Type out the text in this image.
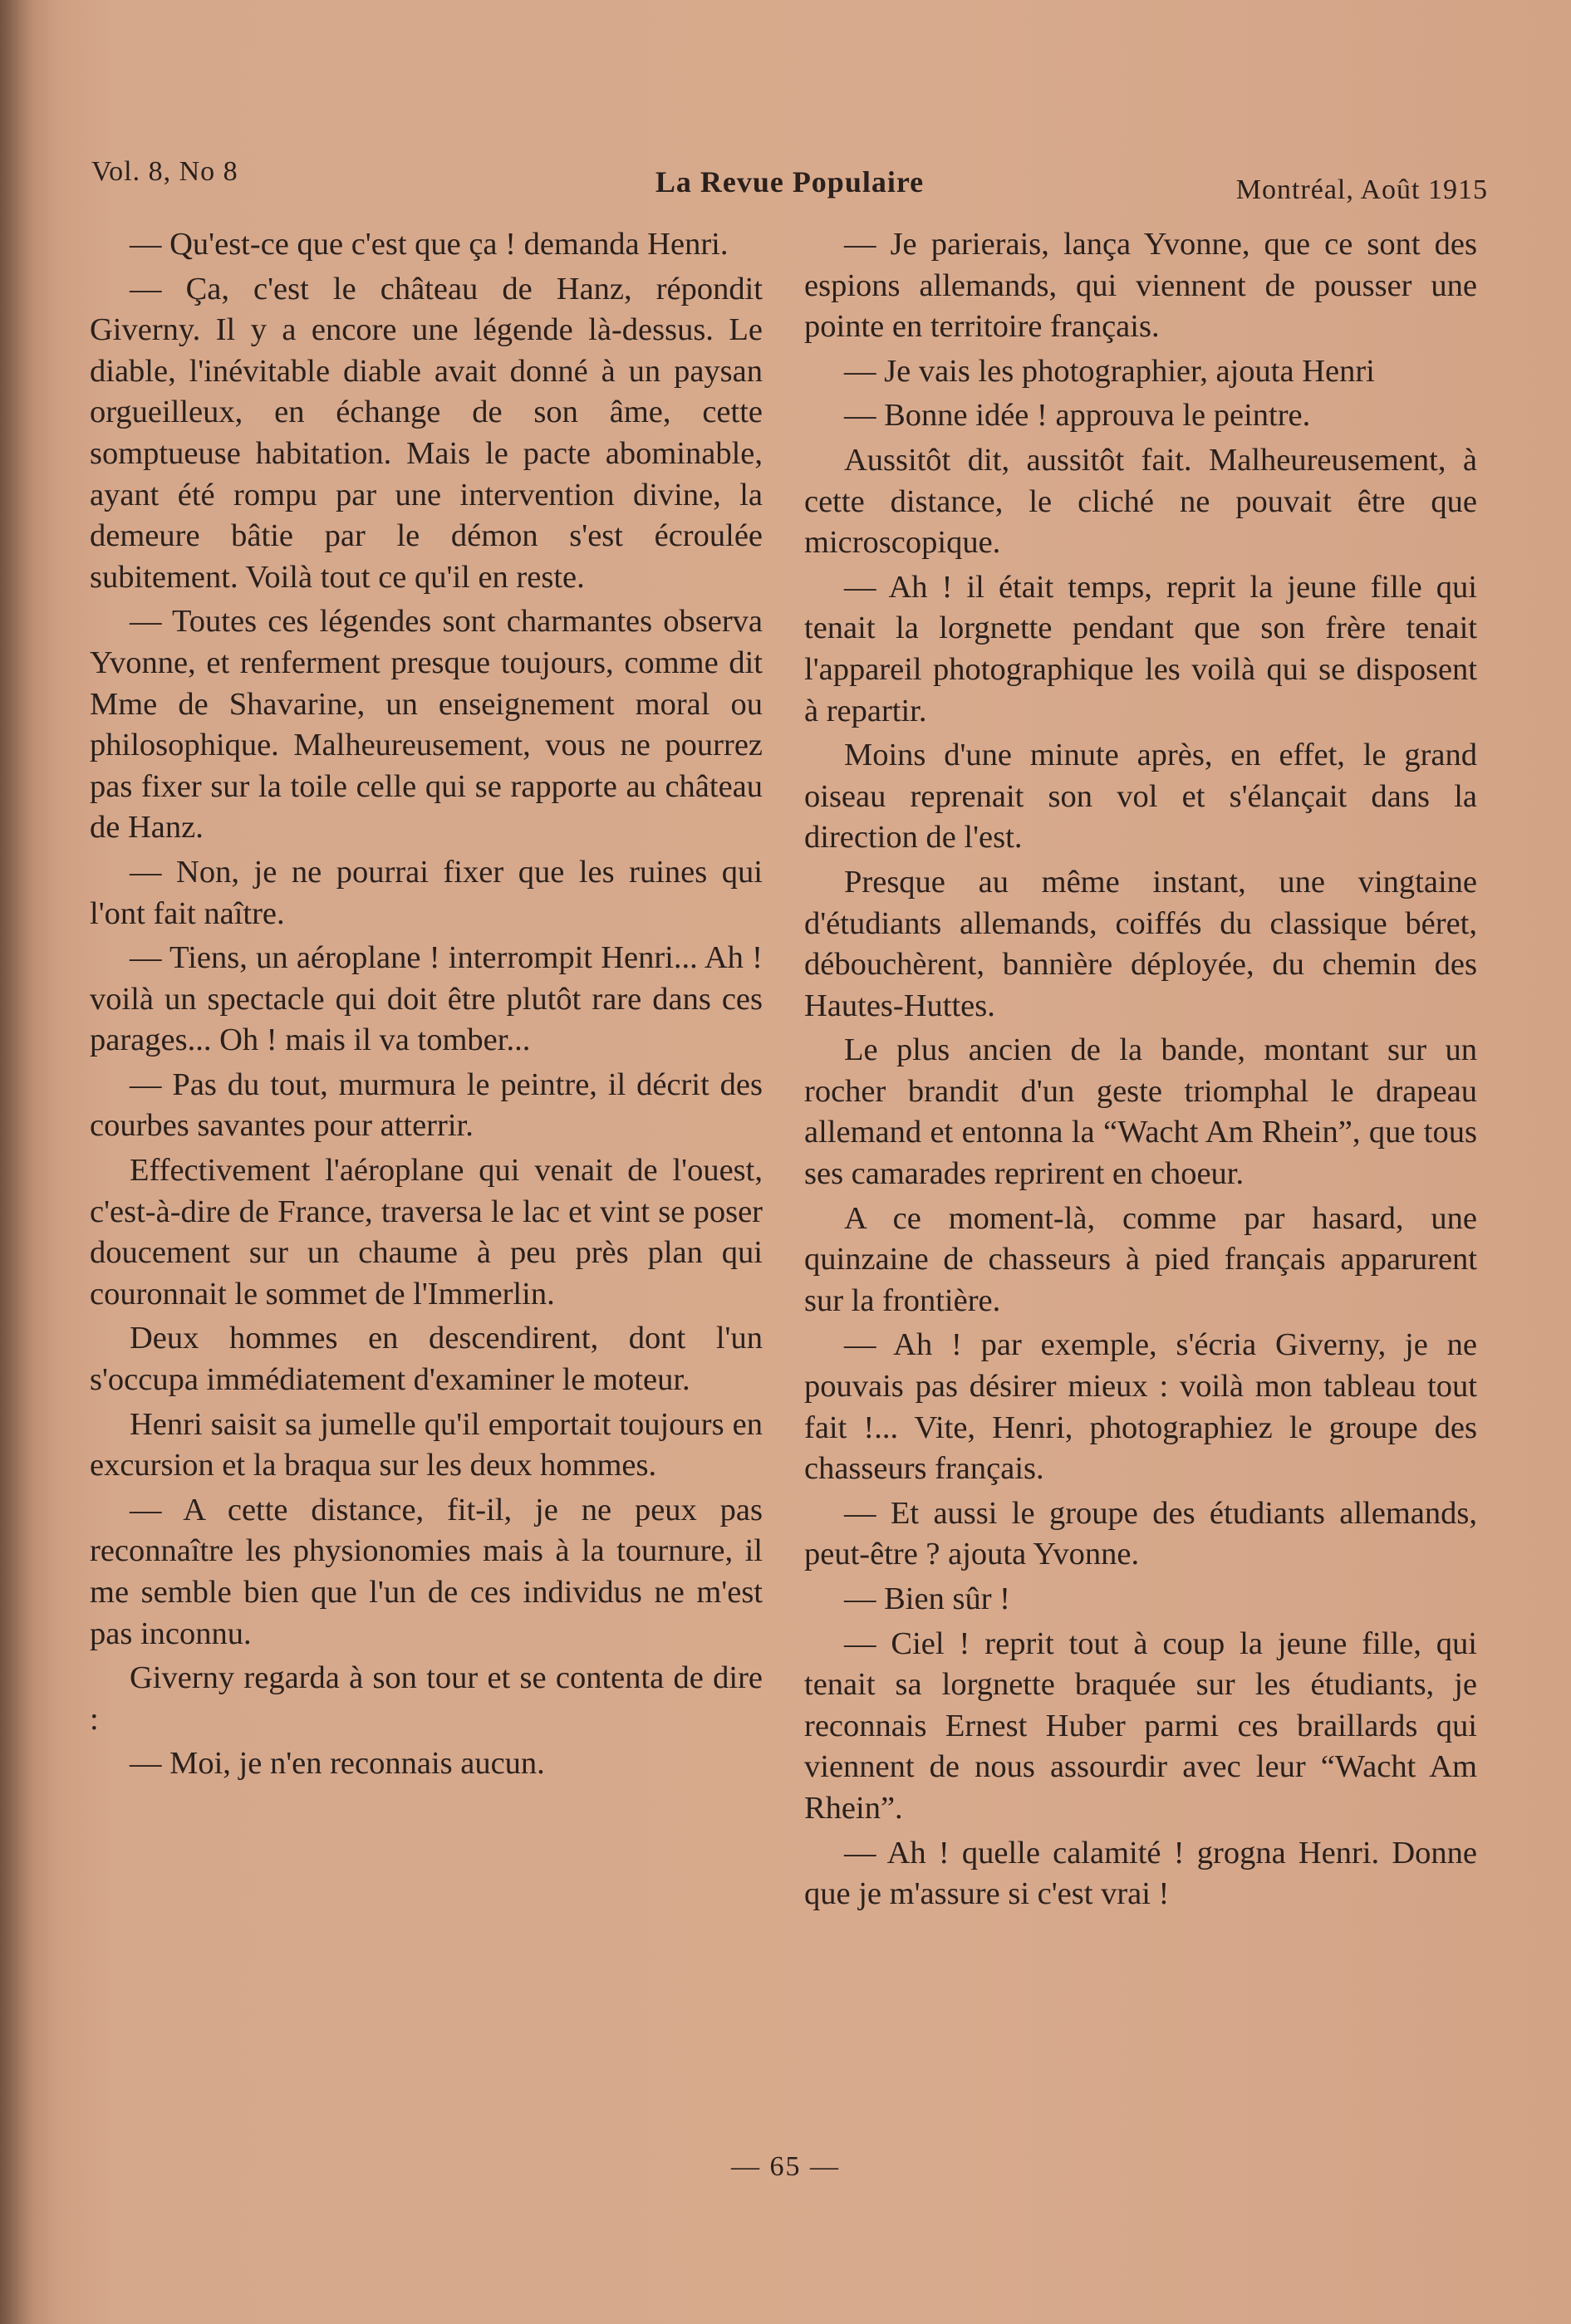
Vol. 8, No 8	La Revue Populaire	Montréal, Août 1915

— Qu'est-ce que c'est que ça ! demanda Henri.

— Ça, c'est le château de Hanz, répondit Giverny. Il y a encore une légende là-dessus. Le diable, l'inévitable diable avait donné à un paysan orgueilleux, en échange de son âme, cette somptueuse habitation. Mais le pacte abominable, ayant été rompu par une intervention divine, la demeure bâtie par le démon s'est écroulée subitement. Voilà tout ce qu'il en reste.

— Toutes ces légendes sont charmantes observa Yvonne, et renferment presque toujours, comme dit Mme de Shavarine, un enseignement moral ou philosophique. Malheureusement, vous ne pourrez pas fixer sur la toile celle qui se rapporte au château de Hanz.

— Non, je ne pourrai fixer que les ruines qui l'ont fait naître.

— Tiens, un aéroplane ! interrompit Henri... Ah ! voilà un spectacle qui doit être plutôt rare dans ces parages... Oh ! mais il va tomber...

— Pas du tout, murmura le peintre, il décrit des courbes savantes pour atterrir.

Effectivement l'aéroplane qui venait de l'ouest, c'est-à-dire de France, traversa le lac et vint se poser doucement sur un chaume à peu près plan qui couronnait le sommet de l'Immerlin.

Deux hommes en descendirent, dont l'un s'occupa immédiatement d'examiner le moteur.

Henri saisit sa jumelle qu'il emportait toujours en excursion et la braqua sur les deux hommes.

— A cette distance, fit-il, je ne peux pas reconnaître les physionomies mais à la tournure, il me semble bien que l'un de ces individus ne m'est pas inconnu.

Giverny regarda à son tour et se contenta de dire :

— Moi, je n'en reconnais aucun.

— Je parierais, lança Yvonne, que ce sont des espions allemands, qui viennent de pousser une pointe en territoire français.

— Je vais les photographier, ajouta Henri

— Bonne idée ! approuva le peintre.

Aussitôt dit, aussitôt fait. Malheureusement, à cette distance, le cliché ne pouvait être que microscopique.

— Ah ! il était temps, reprit la jeune fille qui tenait la lorgnette pendant que son frère tenait l'appareil photographique les voilà qui se disposent à repartir.

Moins d'une minute après, en effet, le grand oiseau reprenait son vol et s'élançait dans la direction de l'est.

Presque au même instant, une vingtaine d'étudiants allemands, coiffés du classique béret, débouchèrent, bannière déployée, du chemin des Hautes-Huttes.

Le plus ancien de la bande, montant sur un rocher brandit d'un geste triomphal le drapeau allemand et entonna la “Wacht Am Rhein”, que tous ses camarades reprirent en choeur.

A ce moment-là, comme par hasard, une quinzaine de chasseurs à pied français apparurent sur la frontière.

— Ah ! par exemple, s'écria Giverny, je ne pouvais pas désirer mieux : voilà mon tableau tout fait !... Vite, Henri, photographiez le groupe des chasseurs français.

— Et aussi le groupe des étudiants allemands, peut-être ? ajouta Yvonne.

— Bien sûr !

— Ciel ! reprit tout à coup la jeune fille, qui tenait sa lorgnette braquée sur les étudiants, je reconnais Ernest Huber parmi ces braillards qui viennent de nous assourdir avec leur “Wacht Am Rhein”.

— Ah ! quelle calamité ! grogna Henri. Donne que je m'assure si c'est vrai !

— 65 —
